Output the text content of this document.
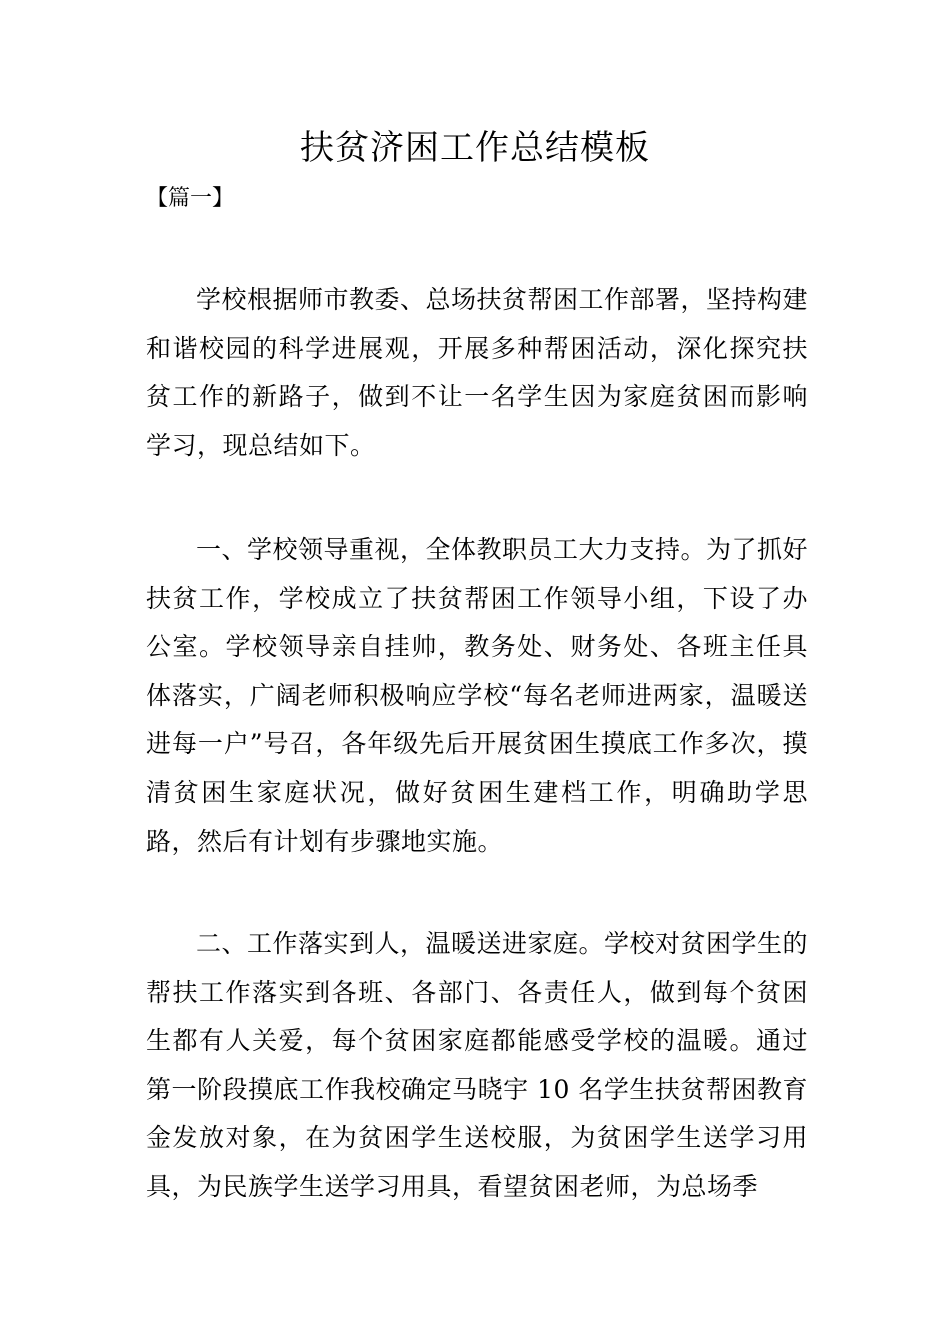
扶贫济困工作总结模板
【篇一】

学校根据师市教委、总场扶贫帮困工作部署，坚持构建和谐校园的科学进展观，开展多种帮困活动，深化探究扶贫工作的新路子，做到不让一名学生因为家庭贫困而影响学习，现总结如下。

一、学校领导重视，全体教职员工大力支持。为了抓好扶贫工作，学校成立了扶贫帮困工作领导小组，下设了办公室。学校领导亲自挂帅，教务处、财务处、各班主任具体落实，广阔老师积极响应学校“每名老师进两家，温暖送进每一户”号召，各年级先后开展贫困生摸底工作多次，摸清贫困生家庭状况，做好贫困生建档工作，明确助学思路，然后有计划有步骤地实施。

二、工作落实到人，温暖送进家庭。学校对贫困学生的帮扶工作落实到各班、各部门、各责任人，做到每个贫困生都有人关爱，每个贫困家庭都能感受学校的温暖。通过第一阶段摸底工作我校确定马晓宇 10 名学生扶贫帮困教育金发放对象，在为贫困学生送校服，为贫困学生送学习用具，为民族学生送学习用具，看望贫困老师，为总场季
